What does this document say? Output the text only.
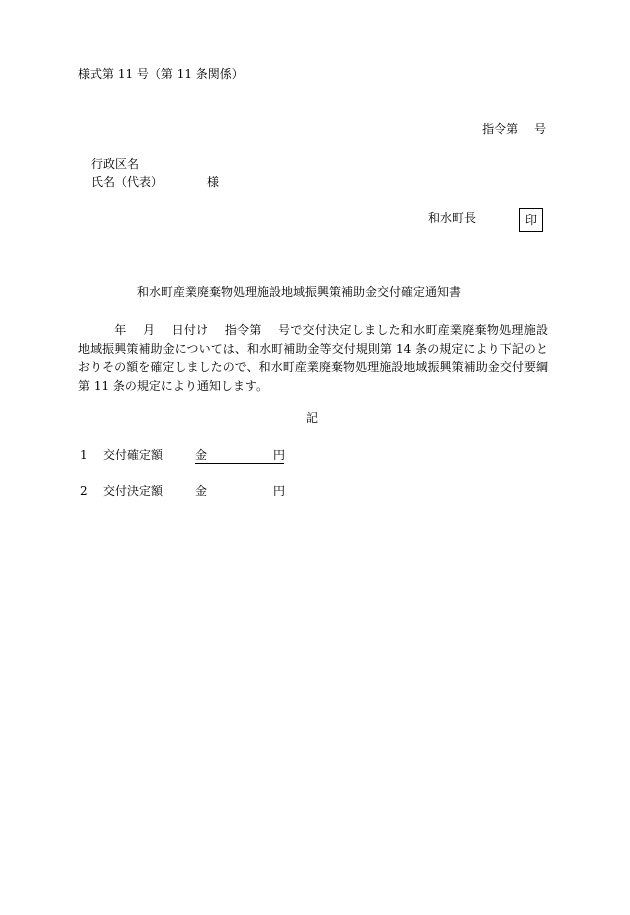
様式第 11 号（第 11 条関係）
指令第　 号
行政区名
氏名（代表）	様
和水町長	印
和水町産業廃棄物処理施設地域振興策補助金交付確定通知書
年　 月 　日付け 　指令第 　号で交付決定しました和水町産業廃棄物処理施設地域振興策補助金については、和水町補助金等交付規則第 14 条の規定により下記のとおりその額を確定しましたので、和水町産業廃棄物処理施設地域振興策補助金交付要綱第 11 条の規定により通知します。
記
1 交付確定額	金	円
2 交付決定額	金	円
